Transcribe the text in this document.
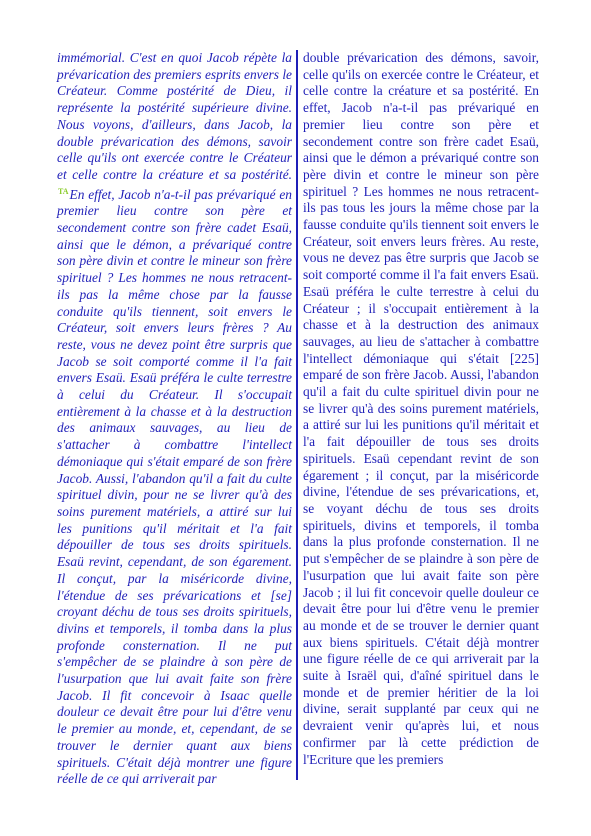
immémorial. C'est en quoi Jacob répète la prévarication des premiers esprits envers le Créateur. Comme postérité de Dieu, il représente la postérité supérieure divine. Nous voyons, d'ailleurs, dans Jacob, la double prévarication des démons, savoir celle qu'ils ont exercée contre le Créateur et celle contre la créature et sa postérité. $^{TA}$En effet, Jacob n'a-t-il pas prévariqué en premier lieu contre son père et secondement contre son frère cadet Esaü, ainsi que le démon, a prévariqué contre son père divin et contre le mineur son frère spirituel ? Les hommes ne nous retracent-ils pas la même chose par la fausse conduite qu'ils tiennent, soit envers le Créateur, soit envers leurs frères ? Au reste, vous ne devez point être surpris que Jacob se soit comporté comme il l'a fait envers Esaü. Esaü préféra le culte terrestre à celui du Créateur. Il s'occupait entièrement à la chasse et à la destruction des animaux sauvages, au lieu de s'attacher à combattre l'intellect démoniaque qui s'était emparé de son frère Jacob. Aussi, l'abandon qu'il a fait du culte spirituel divin, pour ne se livrer qu'à des soins purement matériels, a attiré sur lui les punitions qu'il méritait et l'a fait dépouiller de tous ses droits spirituels. Esaü revint, cependant, de son égarement. Il conçut, par la miséricorde divine, l'étendue de ses prévarications et [se] croyant déchu de tous ses droits spirituels, divins et temporels, il tomba dans la plus profonde consternation. Il ne put s'empêcher de se plaindre à son père de l'usurpation que lui avait faite son frère Jacob. Il fit concevoir à Isaac quelle douleur ce devait être pour lui d'être venu le premier au monde, et, cependant, de se trouver le dernier quant aux biens spirituels. C'était déjà montrer une figure réelle de ce qui arriverait par

double prévarication des démons, savoir, celle qu'ils on exercée contre le Créateur, et celle contre la créature et sa postérité. En effet, Jacob n'a-t-il pas prévariqué en premier lieu contre son père et secondement contre son frère cadet Esaü, ainsi que le démon a prévariqué contre son père divin et contre le mineur son père spirituel ? Les hommes ne nous retracent-ils pas tous les jours la même chose par la fausse conduite qu'ils tiennent soit envers le Créateur, soit envers leurs frères. Au reste, vous ne devez pas être surpris que Jacob se soit comporté comme il l'a fait envers Esaü. Esaü préféra le culte terrestre à celui du Créateur ; il s'occupait entièrement à la chasse et à la destruction des animaux sauvages, au lieu de s'attacher à combattre l'intellect démoniaque qui s'était [225] emparé de son frère Jacob. Aussi, l'abandon qu'il a fait du culte spirituel divin pour ne se livrer qu'à des soins purement matériels, a attiré sur lui les punitions qu'il méritait et l'a fait dépouiller de tous ses droits spirituels. Esaü cependant revint de son égarement ; il conçut, par la miséricorde divine, l'étendue de ses prévarications, et, se voyant déchu de tous ses droits spirituels, divins et temporels, il tomba dans la plus profonde consternation. Il ne put s'empêcher de se plaindre à son père de l'usurpation que lui avait faite son père Jacob ; il lui fit concevoir quelle douleur ce devait être pour lui d'être venu le premier au monde et de se trouver le dernier quant aux biens spirituels. C'était déjà montrer une figure réelle de ce qui arriverait par la suite à Israël qui, d'aîné spirituel dans le monde et de premier héritier de la loi divine, serait supplanté par ceux qui ne devraient venir qu'après lui, et nous confirmer par là cette prédiction de l'Ecriture que les premiers
